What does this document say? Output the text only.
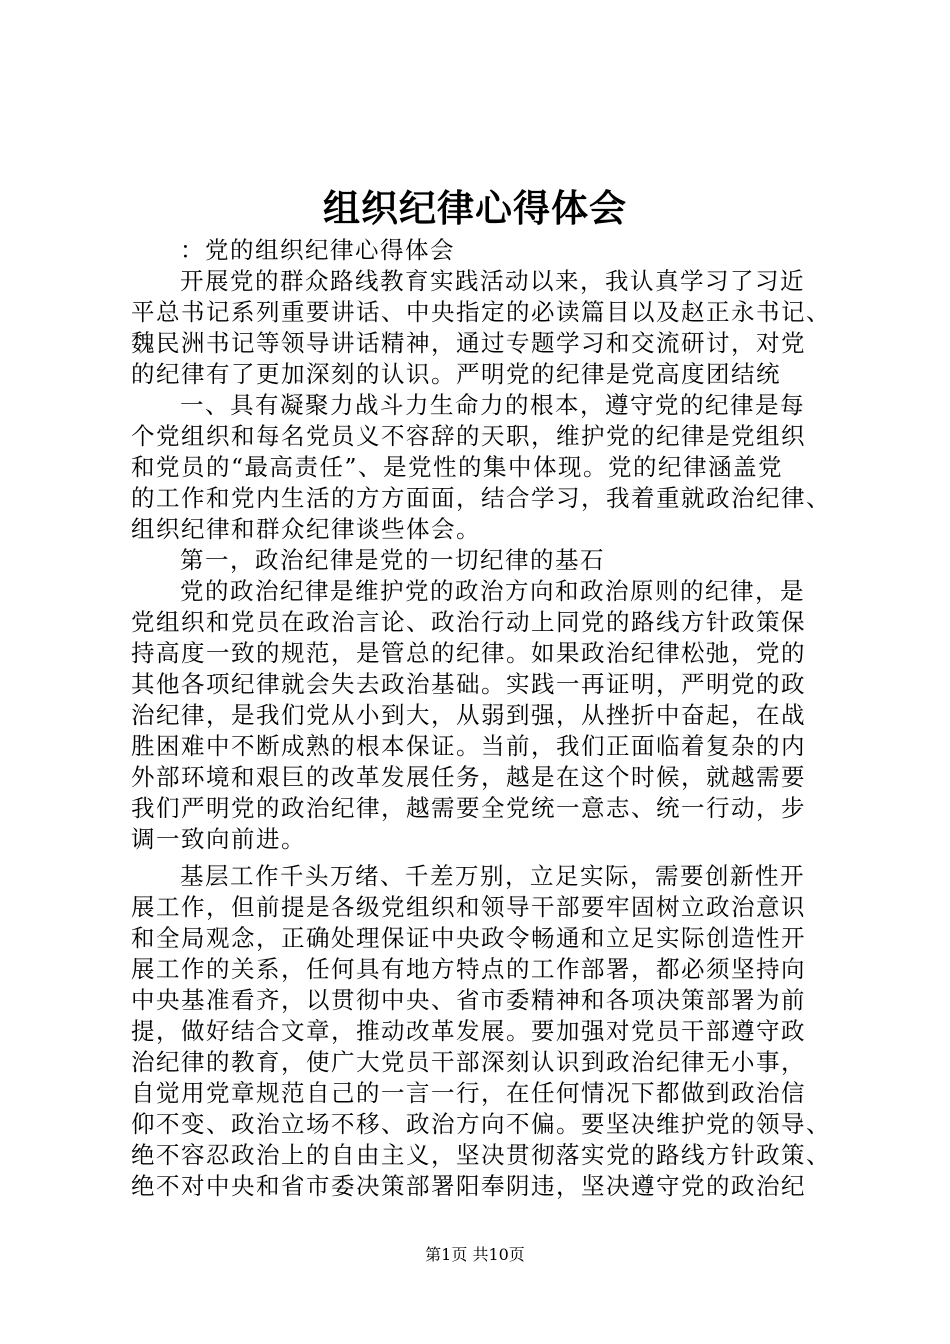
组织纪律心得体会
：党的组织纪律心得体会
开展党的群众路线教育实践活动以来，我认真学习了习近
平总书记系列重要讲话、中央指定的必读篇目以及赵正永书记、
魏民洲书记等领导讲话精神，通过专题学习和交流研讨，对党
的纪律有了更加深刻的认识。严明党的纪律是党高度团结统
一、具有凝聚力战斗力生命力的根本，遵守党的纪律是每
个党组织和每名党员义不容辞的天职，维护党的纪律是党组织
和党员的“最高责任”、是党性的集中体现。党的纪律涵盖党
的工作和党内生活的方方面面，结合学习，我着重就政治纪律、
组织纪律和群众纪律谈些体会。
第一，政治纪律是党的一切纪律的基石
党的政治纪律是维护党的政治方向和政治原则的纪律，是
党组织和党员在政治言论、政治行动上同党的路线方针政策保
持高度一致的规范，是管总的纪律。如果政治纪律松弛，党的
其他各项纪律就会失去政治基础。实践一再证明，严明党的政
治纪律，是我们党从小到大，从弱到强，从挫折中奋起，在战
胜困难中不断成熟的根本保证。当前，我们正面临着复杂的内
外部环境和艰巨的改革发展任务，越是在这个时候，就越需要
我们严明党的政治纪律，越需要全党统一意志、统一行动，步
调一致向前进。
基层工作千头万绪、千差万别，立足实际，需要创新性开
展工作，但前提是各级党组织和领导干部要牢固树立政治意识
和全局观念，正确处理保证中央政令畅通和立足实际创造性开
展工作的关系，任何具有地方特点的工作部署，都必须坚持向
中央基准看齐，以贯彻中央、省市委精神和各项决策部署为前
提，做好结合文章，推动改革发展。要加强对党员干部遵守政
治纪律的教育，使广大党员干部深刻认识到政治纪律无小事，
自觉用党章规范自己的一言一行，在任何情况下都做到政治信
仰不变、政治立场不移、政治方向不偏。要坚决维护党的领导、
绝不容忍政治上的自由主义，坚决贯彻落实党的路线方针政策、
绝不对中央和省市委决策部署阳奉阴违，坚决遵守党的政治纪
第1页 共10页
